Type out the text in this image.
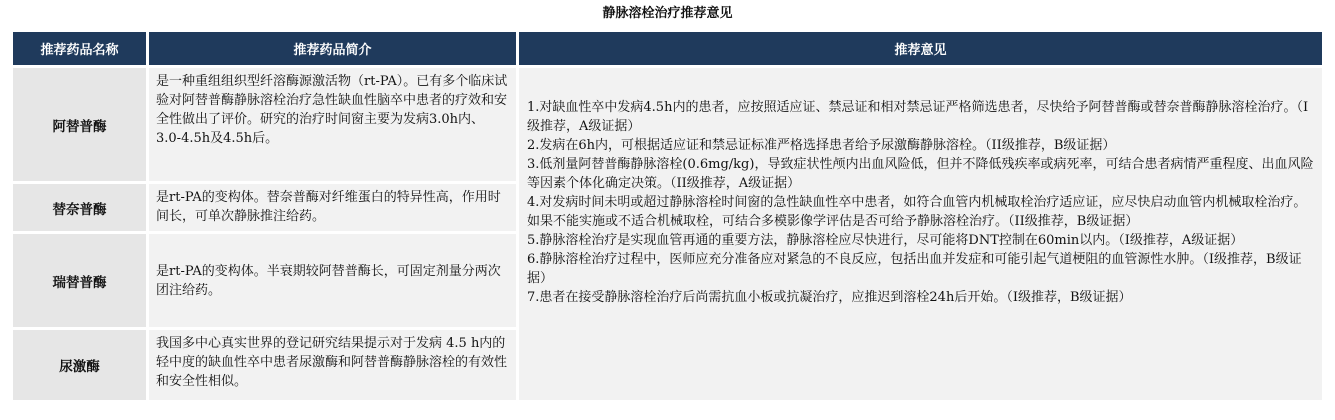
静脉溶栓治疗推荐意见
推荐药品名称	推荐药品简介	推荐意见
阿替普酶
是一种重组组织型纤溶酶源激活物（rt-PA）。已有多个临床试验对阿替普酶静脉溶栓治疗急性缺血性脑卒中患者的疗效和安全性做出了评价。研究的治疗时间窗主要为发病3.0h内、3.0-4.5h及4.5h后。
替奈普酶
是rt-PA的变构体。替奈普酶对纤维蛋白的特异性高，作用时间长，可单次静脉推注给药。
瑞替普酶
是rt-PA的变构体。半衰期较阿替普酶长，可固定剂量分两次团注给药。
尿激酶
我国多中心真实世界的登记研究结果提示对于发病 4.5 h内的轻中度的缺血性卒中患者尿激酶和阿替普酶静脉溶栓的有效性和安全性相似。

1.对缺血性卒中发病4.5h内的患者，应按照适应证、禁忌证和相对禁忌证严格筛选患者，尽快给予阿替普酶或替奈普酶静脉溶栓治疗。（I级推荐，A级证据）

2.发病在6h内，可根据适应证和禁忌证标准严格选择患者给予尿激酶静脉溶栓。（II级推荐，B级证据）

3.低剂量阿替普酶静脉溶栓(0.6mg/kg)，导致症状性颅内出血风险低，但并不降低残疾率或病死率，可结合患者病情严重程度、出血风险等因素个体化确定决策。（II级推荐，A级证据）

4.对发病时间未明或超过静脉溶栓时间窗的急性缺血性卒中患者，如符合血管内机械取栓治疗适应证，应尽快启动血管内机械取栓治疗。如果不能实施或不适合机械取栓，可结合多模影像学评估是否可给予静脉溶栓治疗。（II级推荐，B级证据）

5.静脉溶栓治疗是实现血管再通的重要方法，静脉溶栓应尽快进行，尽可能将DNT控制在60min以内。（I级推荐，A级证据）

6.静脉溶栓治疗过程中，医师应充分准备应对紧急的不良反应，包括出血并发症和可能引起气道梗阻的血管源性水肿。（I级推荐，B级证据）

7.患者在接受静脉溶栓治疗后尚需抗血小板或抗凝治疗，应推迟到溶栓24h后开始。（I级推荐，B级证据）
